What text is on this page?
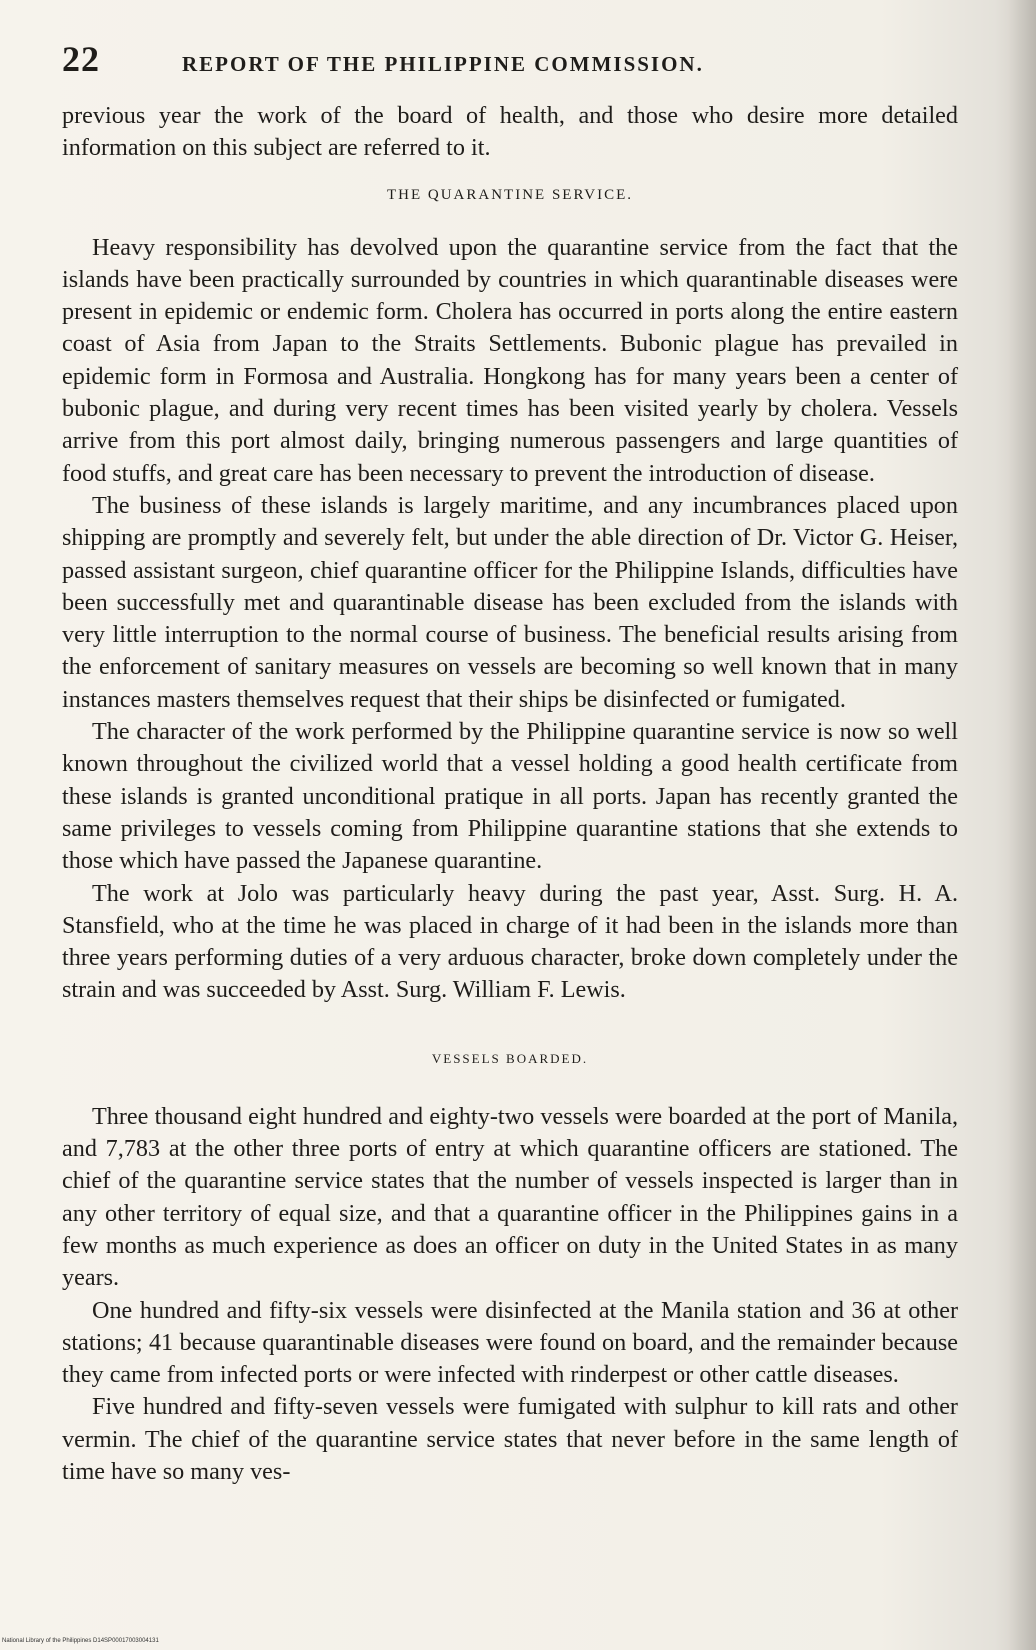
22	REPORT OF THE PHILIPPINE COMMISSION.

previous year the work of the board of health, and those who desire more detailed information on this subject are referred to it.

THE QUARANTINE SERVICE.

Heavy responsibility has devolved upon the quarantine service from the fact that the islands have been practically surrounded by countries in which quarantinable diseases were present in epidemic or endemic form. Cholera has occurred in ports along the entire eastern coast of Asia from Japan to the Straits Settlements. Bubonic plague has prevailed in epidemic form in Formosa and Australia. Hongkong has for many years been a center of bubonic plague, and during very recent times has been visited yearly by cholera. Vessels arrive from this port almost daily, bringing numerous passengers and large quantities of food stuffs, and great care has been necessary to prevent the introduction of disease.

The business of these islands is largely maritime, and any incumbrances placed upon shipping are promptly and severely felt, but under the able direction of Dr. Victor G. Heiser, passed assistant surgeon, chief quarantine officer for the Philippine Islands, difficulties have been successfully met and quarantinable disease has been excluded from the islands with very little interruption to the normal course of business. The beneficial results arising from the enforcement of sanitary measures on vessels are becoming so well known that in many instances masters themselves request that their ships be disinfected or fumigated.

The character of the work performed by the Philippine quarantine service is now so well known throughout the civilized world that a vessel holding a good health certificate from these islands is granted unconditional pratique in all ports. Japan has recently granted the same privileges to vessels coming from Philippine quarantine stations that she extends to those which have passed the Japanese quarantine.

The work at Jolo was particularly heavy during the past year, Asst. Surg. H. A. Stansfield, who at the time he was placed in charge of it had been in the islands more than three years performing duties of a very arduous character, broke down completely under the strain and was succeeded by Asst. Surg. William F. Lewis.

VESSELS BOARDED.

Three thousand eight hundred and eighty-two vessels were boarded at the port of Manila, and 7,783 at the other three ports of entry at which quarantine officers are stationed. The chief of the quarantine service states that the number of vessels inspected is larger than in any other territory of equal size, and that a quarantine officer in the Philippines gains in a few months as much experience as does an officer on duty in the United States in as many years.

One hundred and fifty-six vessels were disinfected at the Manila station and 36 at other stations; 41 because quarantinable diseases were found on board, and the remainder because they came from infected ports or were infected with rinderpest or other cattle diseases.

Five hundred and fifty-seven vessels were fumigated with sulphur to kill rats and other vermin. The chief of the quarantine service states that never before in the same length of time have so many ves-

National Library of the Philippines D14SP00017003004131
